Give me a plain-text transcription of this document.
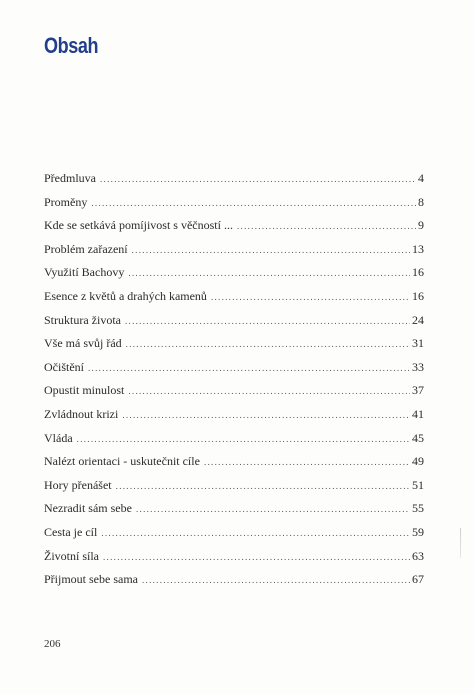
Obsah
Předmluva .....	4
Proměny .....	8
Kde se setkává pomíjivost s věčností ... .....	9
Problém zařazení .....	13
Využití Bachovy .....	16
Esence z květů a drahých kamenů .....	16
Struktura života .....	24
Vše má svůj řád .....	31
Očištění .....	33
Opustit minulost .....	37
Zvládnout krizi .....	41
Vláda .....	45
Nalézt orientaci - uskutečnit cíle .....	49
Hory přenášet .....	51
Nezradit sám sebe .....	55
Cesta je cíl .....	59
Životní síla .....	63
Přijmout sebe sama .....	67
206
